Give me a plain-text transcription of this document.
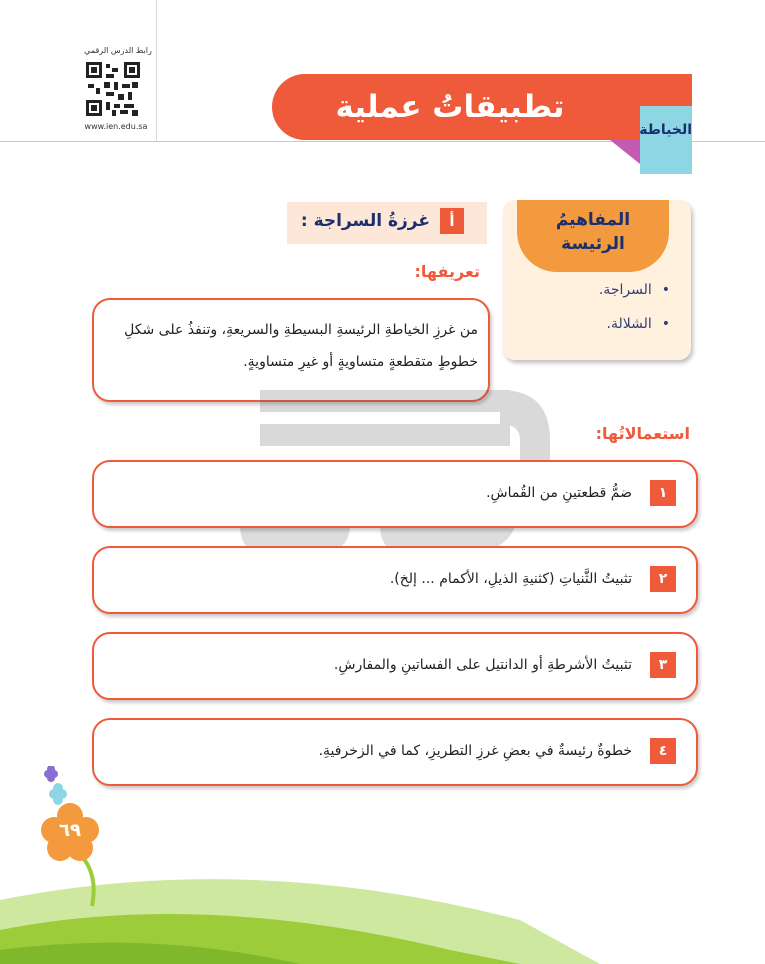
رابط الدرس الرقمي
www.ien.edu.sa
تطبيقاتُ عملية
الخياطة
المفاهيمُ
الرئيسة
•السراجة.
•الشلالة.
أ
غرزةُ السراجة :
تعريفها:
من غرزِ الخياطةِ الرئيسةِ البسيطةِ والسريعةِ، وتنفذُ على شكلِ خطوطٍ متقطعةٍ متساويةٍ أو غيرِ متساويةٍ.
استعمالاتُها:
١
ضمُّ قطعتينِ من القُماشِ.
٢
تثبيتُ الثَّنياتِ (كثنيةِ الذيلِ، الأكمام ... إلخ).
٣
تثبيتُ الأشرطةِ أو الدانتيل على الفساتينِ والمفارشِ.
٤
خطوةٌ رئيسةٌ في بعضِ غرزِ التطريزِ، كما في الزخرفيةِ.
٦٩
